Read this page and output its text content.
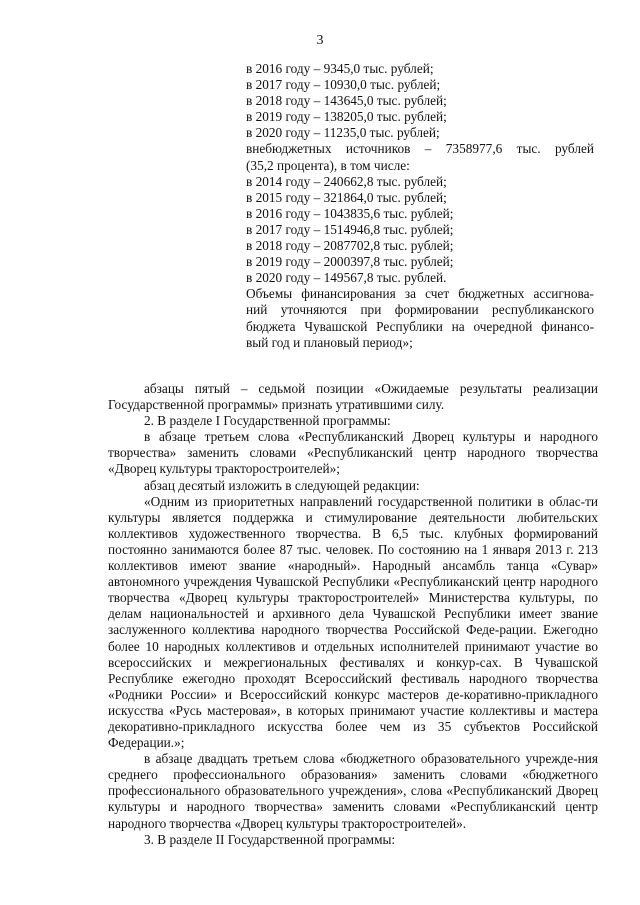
3
в 2016 году – 9345,0 тыс. рублей;
в 2017 году – 10930,0 тыс. рублей;
в 2018 году – 143645,0 тыс. рублей;
в 2019 году – 138205,0 тыс. рублей;
в 2020 году – 11235,0 тыс. рублей;
внебюджетных источников – 7358977,6 тыс. рублей
(35,2 процента), в том числе:
в 2014 году – 240662,8 тыс. рублей;
в 2015 году – 321864,0 тыс. рублей;
в 2016 году – 1043835,6 тыс. рублей;
в 2017 году – 1514946,8 тыс. рублей;
в 2018 году – 2087702,8 тыс. рублей;
в 2019 году – 2000397,8 тыс. рублей;
в 2020 году – 149567,8 тыс. рублей.
Объемы финансирования за счет бюджетных ассигнова-
ний уточняются при формировании республиканского
бюджета Чувашской Республики на очередной финансо-
вый год и плановый период»;

абзацы пятый – седьмой позиции «Ожидаемые результаты реализации Государственной программы» признать утратившими силу.

2. В разделе I Государственной программы:

в абзаце третьем слова «Республиканский Дворец культуры и народного творчества» заменить словами «Республиканский центр народного творчества «Дворец культуры тракторостроителей»;

абзац десятый изложить в следующей редакции:

«Одним из приоритетных направлений государственной политики в облас-ти культуры является поддержка и стимулирование деятельности любительских коллективов художественного творчества. В 6,5 тыс. клубных формирований постоянно занимаются более 87 тыс. человек. По состоянию на 1 января 2013 г. 213 коллективов имеют звание «народный». Народный ансамбль танца «Сувар» автономного учреждения Чувашской Республики «Республиканский центр народного творчества «Дворец культуры тракторостроителей» Министерства культуры, по делам национальностей и архивного дела Чувашской Республики имеет звание заслуженного коллектива народного творчества Российской Феде-рации. Ежегодно более 10 народных коллективов и отдельных исполнителей принимают участие во всероссийских и межрегиональных фестивалях и конкур-сах. В Чувашской Республике ежегодно проходят Всероссийский фестиваль народного творчества «Родники России» и Всероссийский конкурс мастеров де-коративно-прикладного искусства «Русь мастеровая», в которых принимают участие коллективы и мастера декоративно-прикладного искусства более чем из 35 субъектов Российской Федерации.»;

в абзаце двадцать третьем слова «бюджетного образовательного учрежде-ния среднего профессионального образования» заменить словами «бюджетного профессионального образовательного учреждения», слова «Республиканский Дворец культуры и народного творчества» заменить словами «Республиканский центр народного творчества «Дворец культуры тракторостроителей».

3. В разделе II Государственной программы:
